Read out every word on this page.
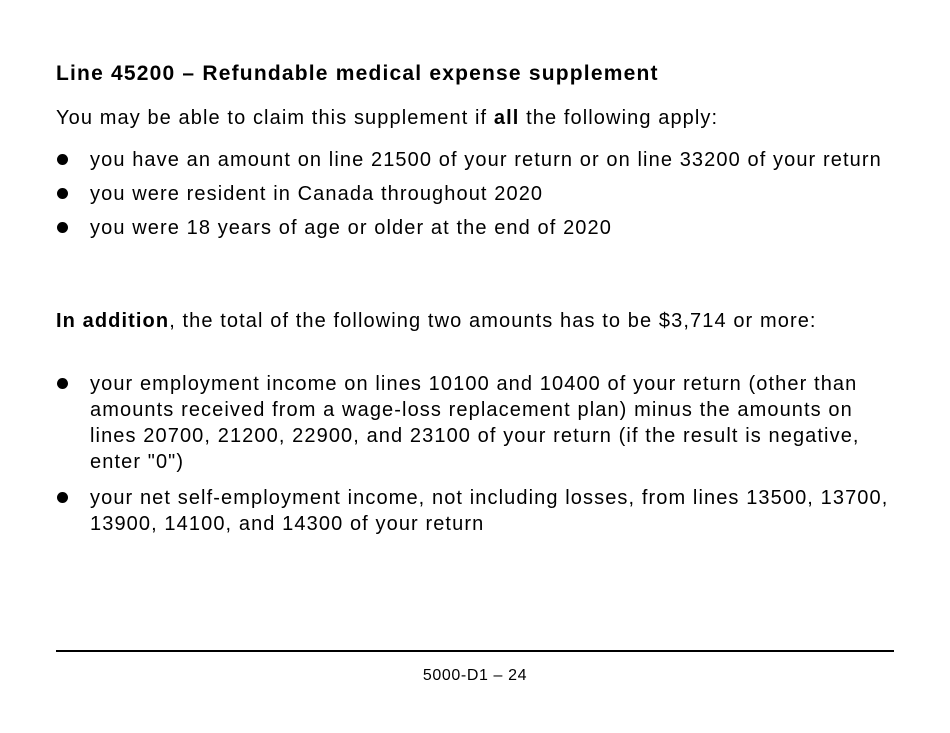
Line 45200 – Refundable medical expense supplement

You may be able to claim this supplement if all the following apply:

you have an amount on line 21500 of your return or on line 33200 of your return
you were resident in Canada throughout 2020
you were 18 years of age or older at the end of 2020

In addition, the total of the following two amounts has to be $3,714 or more:

your employment income on lines 10100 and 10400 of your return (other than amounts received from a wage-loss replacement plan) minus the amounts on lines 20700, 21200, 22900, and 23100 of your return (if the result is negative, enter "0")
your net self-employment income, not including losses, from lines 13500, 13700, 13900, 14100, and 14300 of your return

5000-D1 – 24
